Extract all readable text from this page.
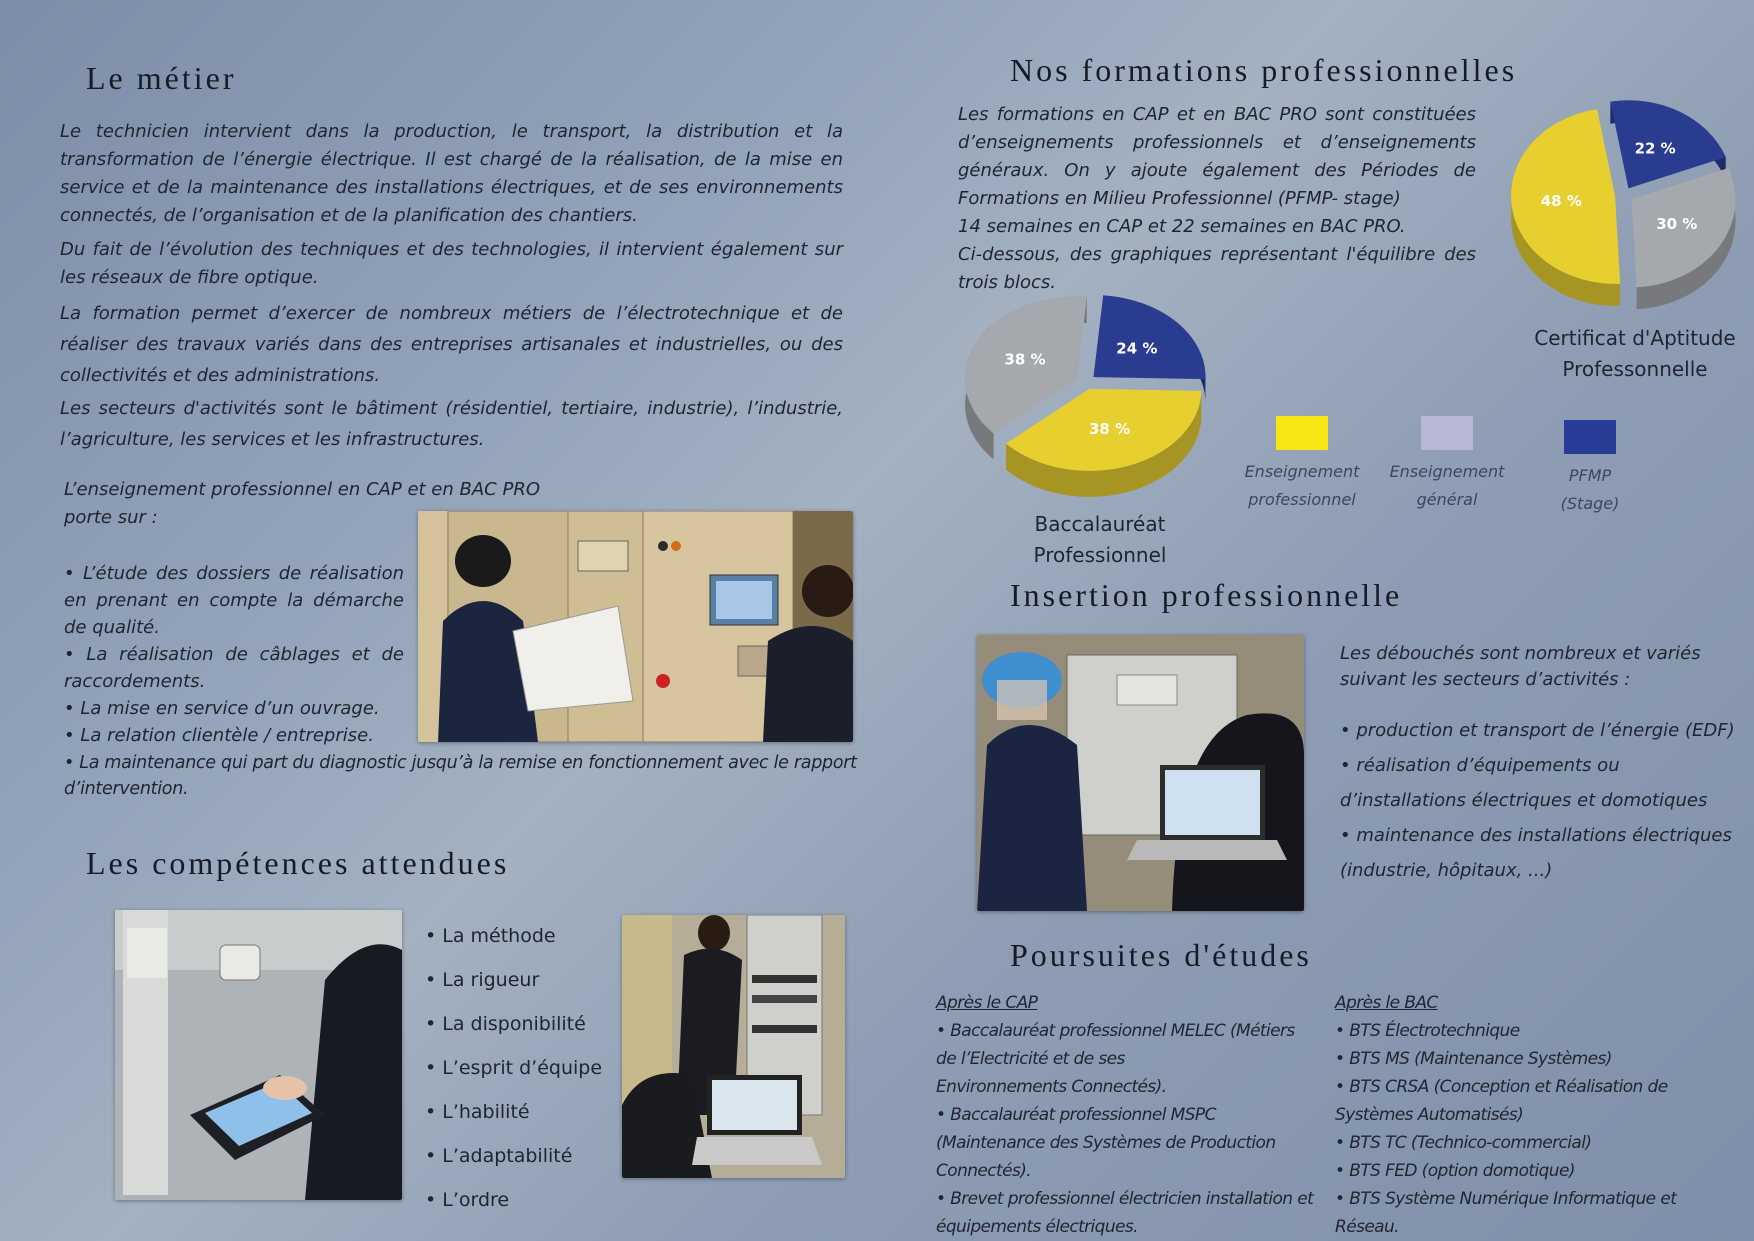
Le métier

Le technicien intervient dans la production, le transport, la distribution et la transformation de l’énergie électrique. Il est chargé de la réalisation, de la mise en service et de la maintenance des installations électriques, et de ses environnements connectés, de l’organisation et de la planification des chantiers.

Du fait de l’évolution des techniques et des technologies, il intervient également sur les réseaux de fibre optique.

La formation permet d’exercer de nombreux métiers de l’électrotechnique et de réaliser des travaux variés dans des entreprises artisanales et industrielles, ou des collectivités et des administrations.

Les secteurs d'activités sont le bâtiment (résidentiel, tertiaire, industrie), l’industrie, l’agriculture, les services et les infrastructures.

L’enseignement professionnel en CAP et en BAC PRO

porte sur :

• L’étude des dossiers de réalisation en prenant en compte la démarche de qualité.
• La réalisation de câblages et de raccordements.
• La mise en service d’un ouvrage.
• La relation clientèle / entreprise.

• La maintenance qui part du diagnostic jusqu’à la remise en fonctionnement avec le rapport d’intervention.

Les compétences attendues
• La méthode
• La rigueur
• La disponibilité
• L’esprit d’équipe
• L’habilité
• L’adaptabilité
• L’ordre
Nos formations professionnelles

Les formations en CAP et en BAC PRO sont constituées d’enseignements professionnels et d’enseignements généraux. On y ajoute également des Périodes de Formations en Milieu Professionnel (PFMP- stage)

14 semaines en CAP et 22 semaines en BAC PRO.

Ci-dessous, des graphiques représentant l'équilibre des trois blocs.

22 %
30 %
48 %

Certificat d'Aptitude

Professonnelle

24 %
38 %
38 %

Baccalauréat

Professionnel

Enseignement

professionnel

Enseignement

général

PFMP

(Stage)

Insertion professionnelle
Les débouchés sont nombreux et variés suivant les secteurs d’activités :
• production et transport de l’énergie (EDF)
• réalisation d’équipements ou d’installations électriques et domotiques
• maintenance des installations électriques (industrie, hôpitaux, ...)
Poursuites d'études

Après le CAP

• Baccalauréat professionnel MELEC (Métiers de l’Electricité et de ses

Environnements Connectés).

• Baccalauréat professionnel MSPC (Maintenance des Systèmes de Production Connectés).

• Brevet professionnel électricien installation et équipements électriques.

Après le BAC

• BTS Électrotechnique

• BTS MS (Maintenance Systèmes)

• BTS CRSA (Conception et Réalisation de Systèmes Automatisés)

• BTS TC (Technico-commercial)

• BTS FED (option domotique)

• BTS Système Numérique Informatique et Réseau.
